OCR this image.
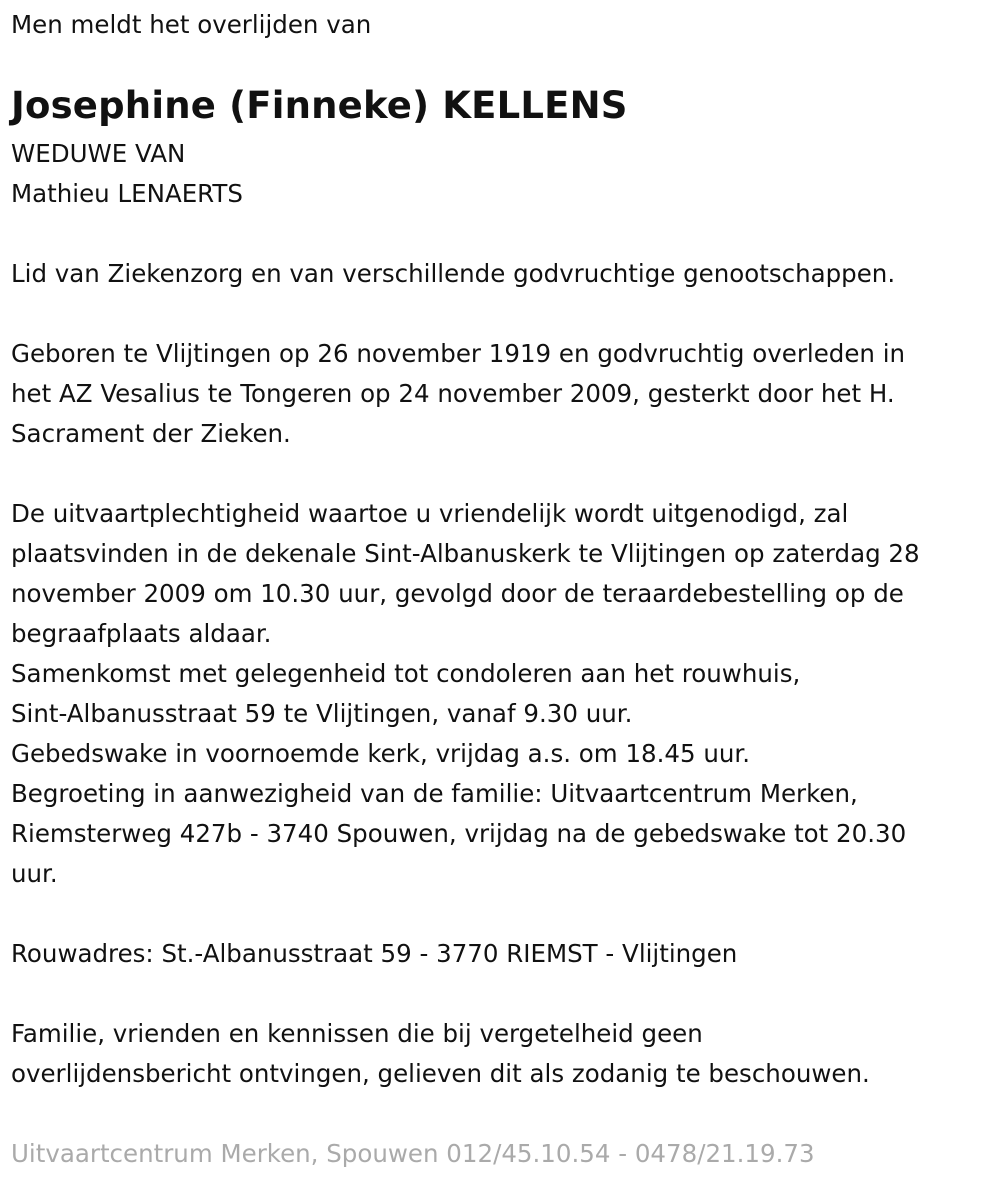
Men meldt het overlijden van

Josephine (Finneke) KELLENS

WEDUWE VAN

Mathieu LENAERTS

Lid van Ziekenzorg en van verschillende godvruchtige genootschappen.

Geboren te Vlijtingen op 26 november 1919 en godvruchtig overleden in

het AZ Vesalius te Tongeren op 24 november 2009, gesterkt door het H.

Sacrament der Zieken.

De uitvaartplechtigheid waartoe u vriendelijk wordt uitgenodigd, zal

plaatsvinden in de dekenale Sint-Albanuskerk te Vlijtingen op zaterdag 28

november 2009 om 10.30 uur, gevolgd door de teraardebestelling op de

begraafplaats aldaar.

Samenkomst met gelegenheid tot condoleren aan het rouwhuis,

Sint-Albanusstraat 59 te Vlijtingen, vanaf 9.30 uur.

Gebedswake in voornoemde kerk, vrijdag a.s. om 18.45 uur.

Begroeting in aanwezigheid van de familie: Uitvaartcentrum Merken,

Riemsterweg 427b - 3740 Spouwen, vrijdag na de gebedswake tot 20.30

uur.

Rouwadres: St.-Albanusstraat 59 - 3770 RIEMST - Vlijtingen

Familie, vrienden en kennissen die bij vergetelheid geen

overlijdensbericht ontvingen, gelieven dit als zodanig te beschouwen.

Uitvaartcentrum Merken, Spouwen 012/45.10.54 - 0478/21.19.73
